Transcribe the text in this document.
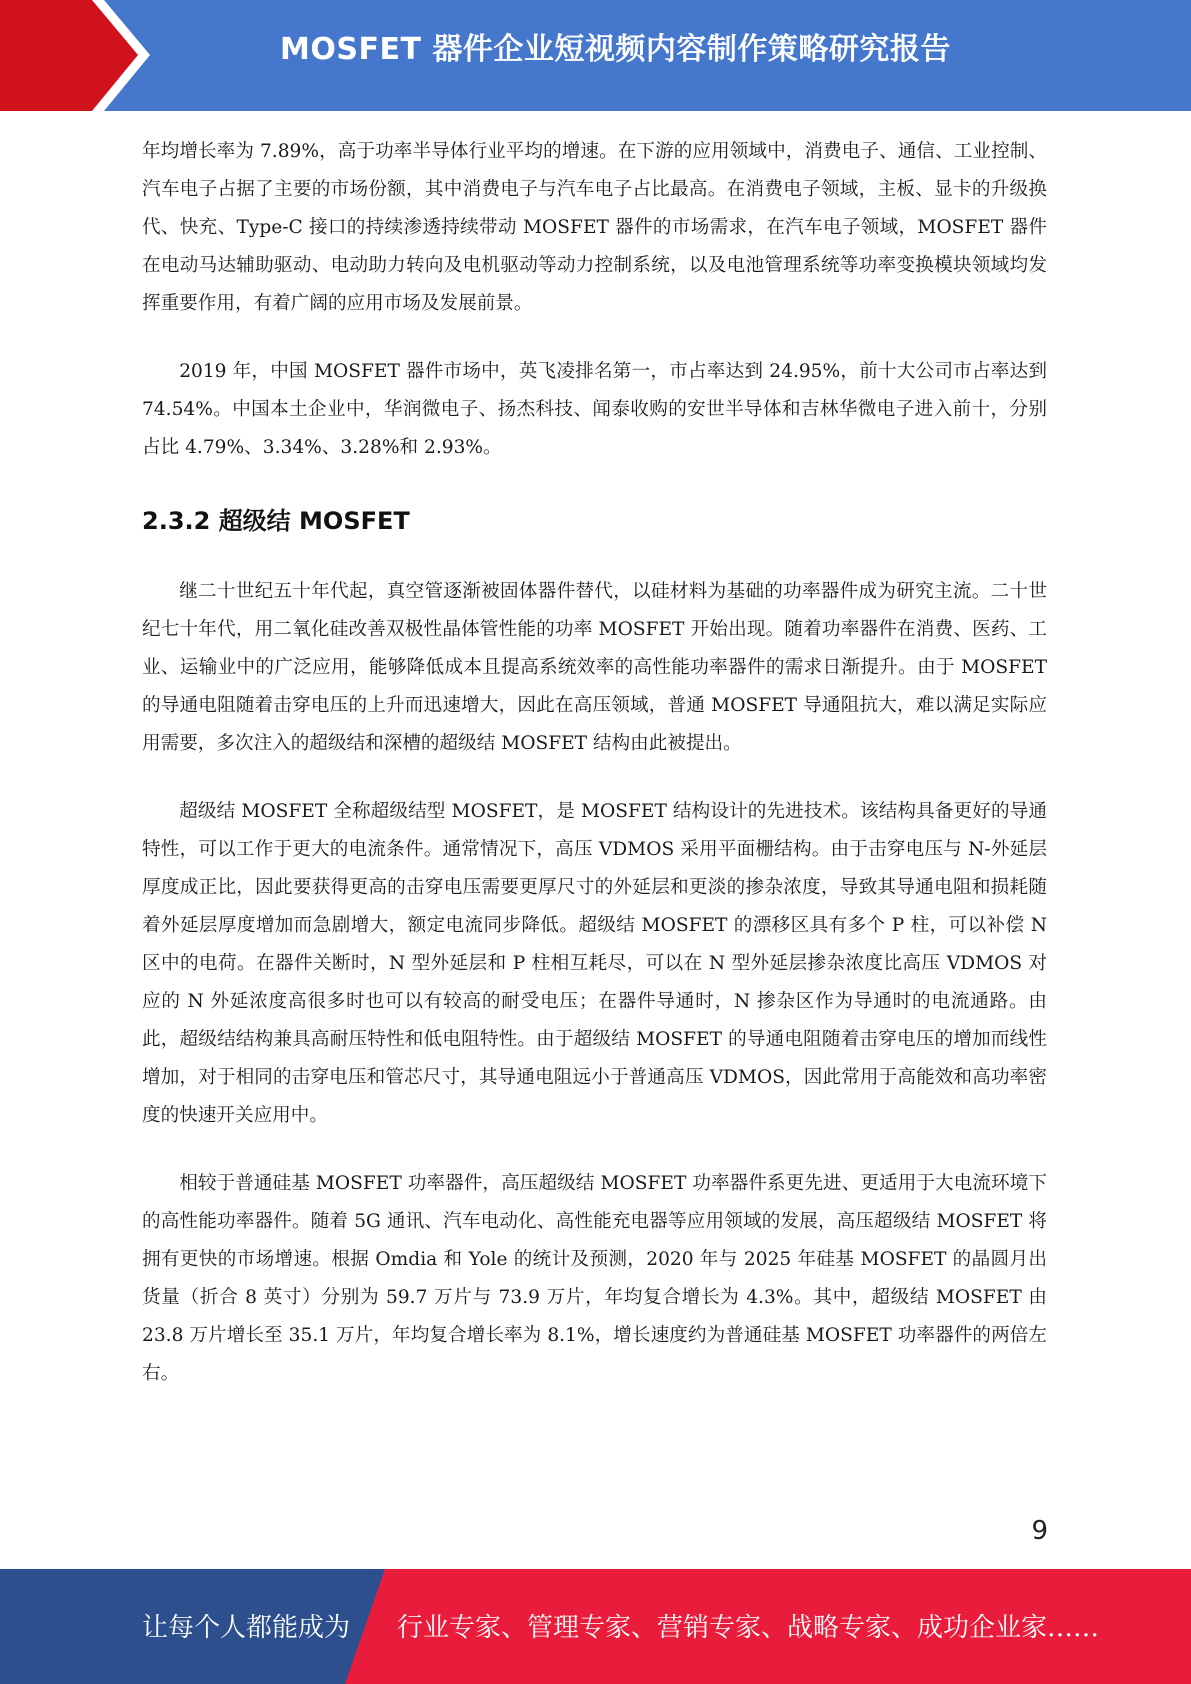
MOSFET 器件企业短视频内容制作策略研究报告

年均增长率为 7.89%，高于功率半导体行业平均的增速。在下游的应用领域中，消费电子、通信、工业控制、汽车电子占据了主要的市场份额，其中消费电子与汽车电子占比最高。在消费电子领域，主板、显卡的升级换代、快充、Type-C 接口的持续渗透持续带动 MOSFET 器件的市场需求，在汽车电子领域，MOSFET 器件在电动马达辅助驱动、电动助力转向及电机驱动等动力控制系统，以及电池管理系统等功率变换模块领域均发挥重要作用，有着广阔的应用市场及发展前景。

2019 年，中国 MOSFET 器件市场中，英飞凌排名第一，市占率达到 24.95%，前十大公司市占率达到 74.54%。中国本土企业中，华润微电子、扬杰科技、闻泰收购的安世半导体和吉林华微电子进入前十，分别占比 4.79%、3.34%、3.28%和 2.93%。

2.3.2 超级结 MOSFET

继二十世纪五十年代起，真空管逐渐被固体器件替代，以硅材料为基础的功率器件成为研究主流。二十世纪七十年代，用二氧化硅改善双极性晶体管性能的功率 MOSFET 开始出现。随着功率器件在消费、医药、工业、运输业中的广泛应用，能够降低成本且提高系统效率的高性能功率器件的需求日渐提升。由于 MOSFET 的导通电阻随着击穿电压的上升而迅速增大，因此在高压领域，普通 MOSFET 导通阻抗大，难以满足实际应用需要，多次注入的超级结和深槽的超级结 MOSFET 结构由此被提出。

超级结 MOSFET 全称超级结型 MOSFET，是 MOSFET 结构设计的先进技术。该结构具备更好的导通特性，可以工作于更大的电流条件。通常情况下，高压 VDMOS 采用平面栅结构。由于击穿电压与 N-外延层厚度成正比，因此要获得更高的击穿电压需要更厚尺寸的外延层和更淡的掺杂浓度，导致其导通电阻和损耗随着外延层厚度增加而急剧增大，额定电流同步降低。超级结 MOSFET 的漂移区具有多个 P 柱，可以补偿 N 区中的电荷。在器件关断时，N 型外延层和 P 柱相互耗尽，可以在 N 型外延层掺杂浓度比高压 VDMOS 对应的 N 外延浓度高很多时也可以有较高的耐受电压；在器件导通时，N 掺杂区作为导通时的电流通路。由此，超级结结构兼具高耐压特性和低电阻特性。由于超级结 MOSFET 的导通电阻随着击穿电压的增加而线性增加，对于相同的击穿电压和管芯尺寸，其导通电阻远小于普通高压 VDMOS，因此常用于高能效和高功率密度的快速开关应用中。

相较于普通硅基 MOSFET 功率器件，高压超级结 MOSFET 功率器件系更先进、更适用于大电流环境下的高性能功率器件。随着 5G 通讯、汽车电动化、高性能充电器等应用领域的发展，高压超级结 MOSFET 将拥有更快的市场增速。根据 Omdia 和 Yole 的统计及预测，2020 年与 2025 年硅基 MOSFET 的晶圆月出货量（折合 8 英寸）分别为 59.7 万片与 73.9 万片，年均复合增长为 4.3%。其中，超级结 MOSFET 由 23.8 万片增长至 35.1 万片，年均复合增长率为 8.1%，增长速度约为普通硅基 MOSFET 功率器件的两倍左右。

9
让每个人都能成为 行业专家、管理专家、营销专家、战略专家、成功企业家……
